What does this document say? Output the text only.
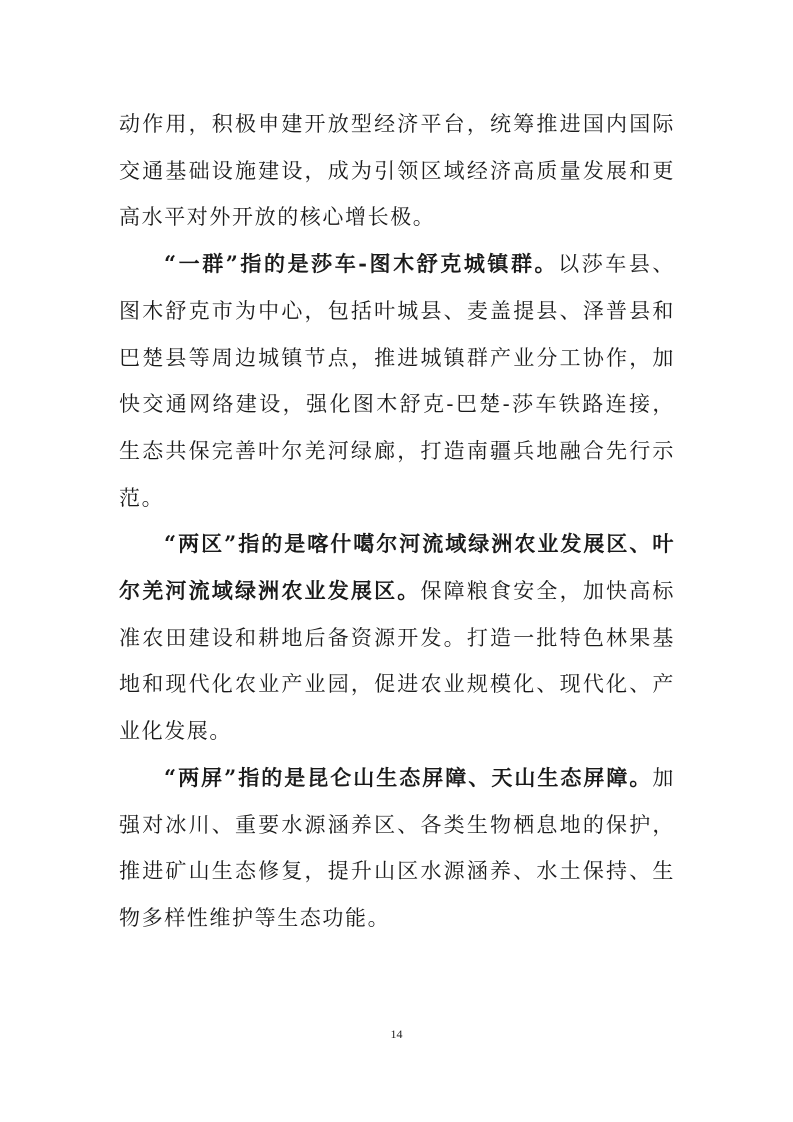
动作用，积极申建开放型经济平台，统筹推进国内国际交通基础设施建设，成为引领区域经济高质量发展和更高水平对外开放的核心增长极。

“一群”指的是莎车-图木舒克城镇群。以莎车县、图木舒克市为中心，包括叶城县、麦盖提县、泽普县和巴楚县等周边城镇节点，推进城镇群产业分工协作，加快交通网络建设，强化图木舒克-巴楚-莎车铁路连接，生态共保完善叶尔羌河绿廊，打造南疆兵地融合先行示范。

“两区”指的是喀什噶尔河流域绿洲农业发展区、叶尔羌河流域绿洲农业发展区。保障粮食安全，加快高标准农田建设和耕地后备资源开发。打造一批特色林果基地和现代化农业产业园，促进农业规模化、现代化、产业化发展。

“两屏”指的是昆仑山生态屏障、天山生态屏障。加强对冰川、重要水源涵养区、各类生物栖息地的保护，推进矿山生态修复，提升山区水源涵养、水土保持、生物多样性维护等生态功能。

14
